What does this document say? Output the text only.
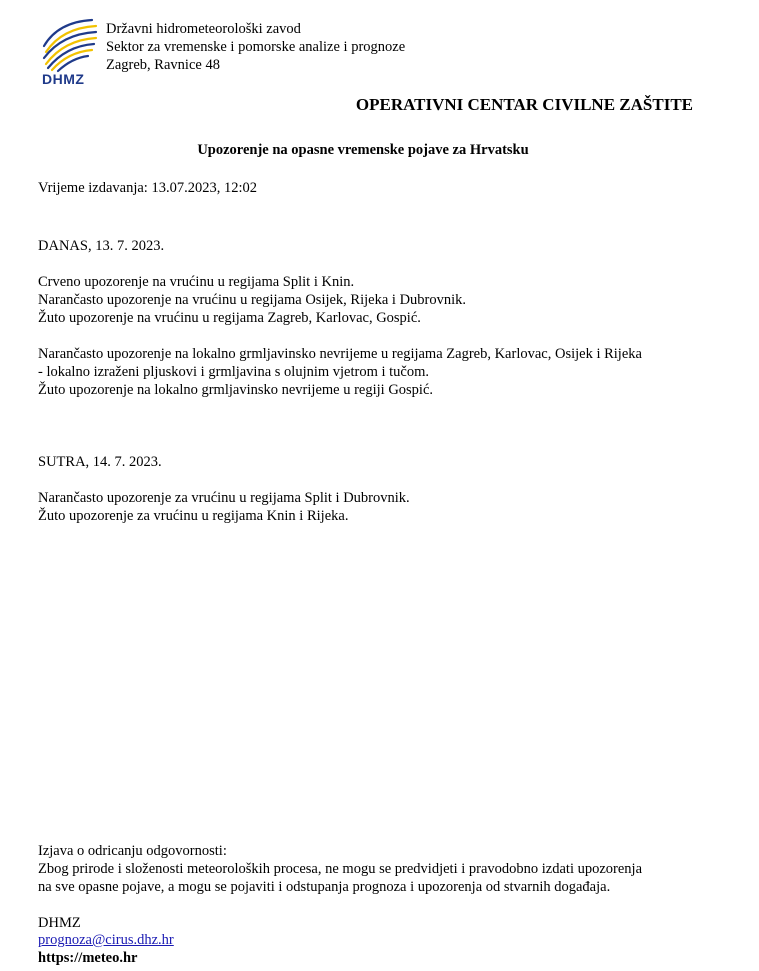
DHMZ
Državni hidrometeorološki zavod
Sektor za vremenske i pomorske analize i prognoze
Zagreb, Ravnice 48
OPERATIVNI CENTAR CIVILNE ZAŠTITE
Upozorenje na opasne vremenske pojave za Hrvatsku
Vrijeme izdavanja: 13.07.2023, 12:02
DANAS, 13. 7. 2023.
Crveno upozorenje na vrućinu u regijama Split i Knin.
Narančasto upozorenje na vrućinu u regijama Osijek, Rijeka i Dubrovnik.
Žuto upozorenje na vrućinu u regijama Zagreb, Karlovac, Gospić.
Narančasto upozorenje na lokalno grmljavinsko nevrijeme u regijama Zagreb, Karlovac, Osijek i Rijeka
- lokalno izraženi pljuskovi i grmljavina s olujnim vjetrom i tučom.
Žuto upozorenje na lokalno grmljavinsko nevrijeme u regiji Gospić.
SUTRA, 14. 7. 2023.
Narančasto upozorenje za vrućinu u regijama Split i Dubrovnik.
Žuto upozorenje za vrućinu u regijama Knin i Rijeka.
Izjava o odricanju odgovornosti:
Zbog prirode i složenosti meteoroloških procesa, ne mogu se predvidjeti i pravodobno izdati upozorenja
na sve opasne pojave, a mogu se pojaviti i odstupanja prognoza i upozorenja od stvarnih događaja.
DHMZ
prognoza@cirus.dhz.hr
https://meteo.hr
